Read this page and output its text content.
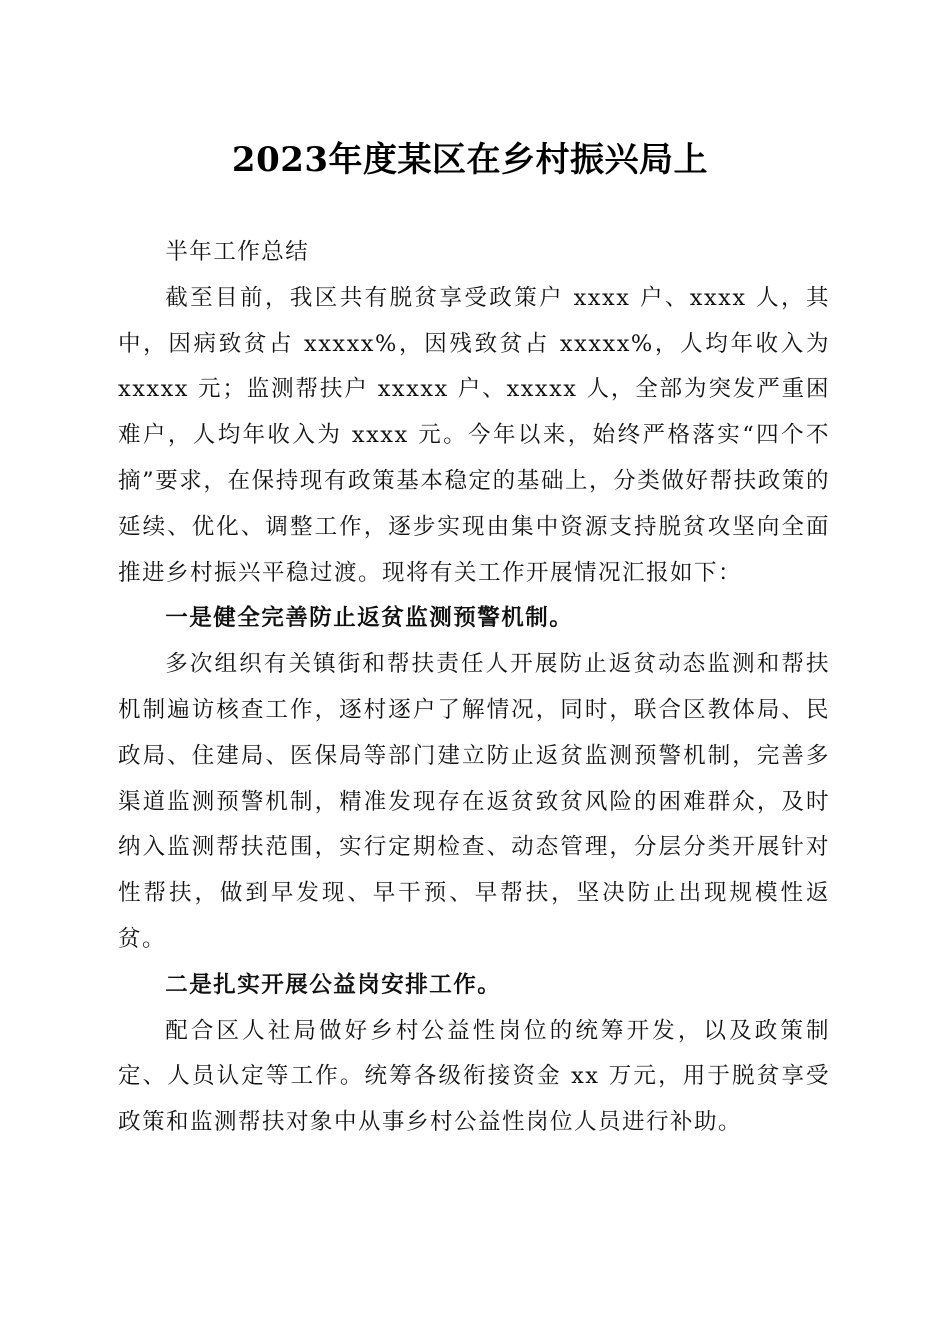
2023年度某区在乡村振兴局上

半年工作总结

截至目前，我区共有脱贫享受政策户 xxxx 户、xxxx 人，其中，因病致贫占 xxxxx%，因残致贫占 xxxxx%，人均年收入为 xxxxx 元；监测帮扶户 xxxxx 户、xxxxx 人，全部为突发严重困难户，人均年收入为 xxxx 元。今年以来，始终严格落实“四个不摘”要求，在保持现有政策基本稳定的基础上，分类做好帮扶政策的延续、优化、调整工作，逐步实现由集中资源支持脱贫攻坚向全面推进乡村振兴平稳过渡。现将有关工作开展情况汇报如下：

一是健全完善防止返贫监测预警机制。

多次组织有关镇街和帮扶责任人开展防止返贫动态监测和帮扶机制遍访核查工作，逐村逐户了解情况，同时，联合区教体局、民政局、住建局、医保局等部门建立防止返贫监测预警机制，完善多渠道监测预警机制，精准发现存在返贫致贫风险的困难群众，及时纳入监测帮扶范围，实行定期检查、动态管理，分层分类开展针对性帮扶，做到早发现、早干预、早帮扶，坚决防止出现规模性返贫。

二是扎实开展公益岗安排工作。

配合区人社局做好乡村公益性岗位的统筹开发，以及政策制定、人员认定等工作。统筹各级衔接资金 xx 万元，用于脱贫享受政策和监测帮扶对象中从事乡村公益性岗位人员进行补助。
